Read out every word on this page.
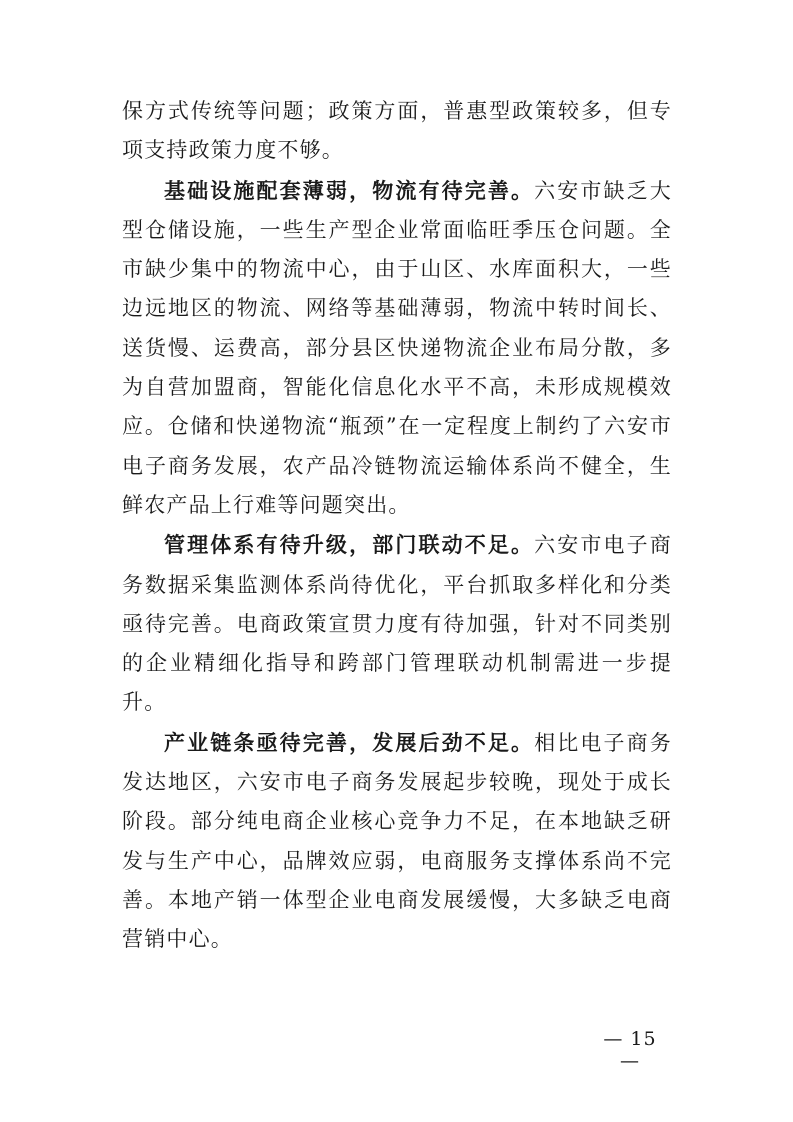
保方式传统等问题；政策方面，普惠型政策较多，但专项支持政策力度不够。

基础设施配套薄弱，物流有待完善。六安市缺乏大型仓储设施，一些生产型企业常面临旺季压仓问题。全市缺少集中的物流中心，由于山区、水库面积大，一些边远地区的物流、网络等基础薄弱，物流中转时间长、送货慢、运费高，部分县区快递物流企业布局分散，多为自营加盟商，智能化信息化水平不高，未形成规模效应。仓储和快递物流“瓶颈”在一定程度上制约了六安市电子商务发展，农产品冷链物流运输体系尚不健全，生鲜农产品上行难等问题突出。

管理体系有待升级，部门联动不足。六安市电子商务数据采集监测体系尚待优化，平台抓取多样化和分类亟待完善。电商政策宣贯力度有待加强，针对不同类别的企业精细化指导和跨部门管理联动机制需进一步提升。

产业链条亟待完善，发展后劲不足。相比电子商务发达地区，六安市电子商务发展起步较晚，现处于成长阶段。部分纯电商企业核心竞争力不足，在本地缺乏研发与生产中心，品牌效应弱，电商服务支撑体系尚不完善。本地产销一体型企业电商发展缓慢，大多缺乏电商营销中心。

— 15 —
